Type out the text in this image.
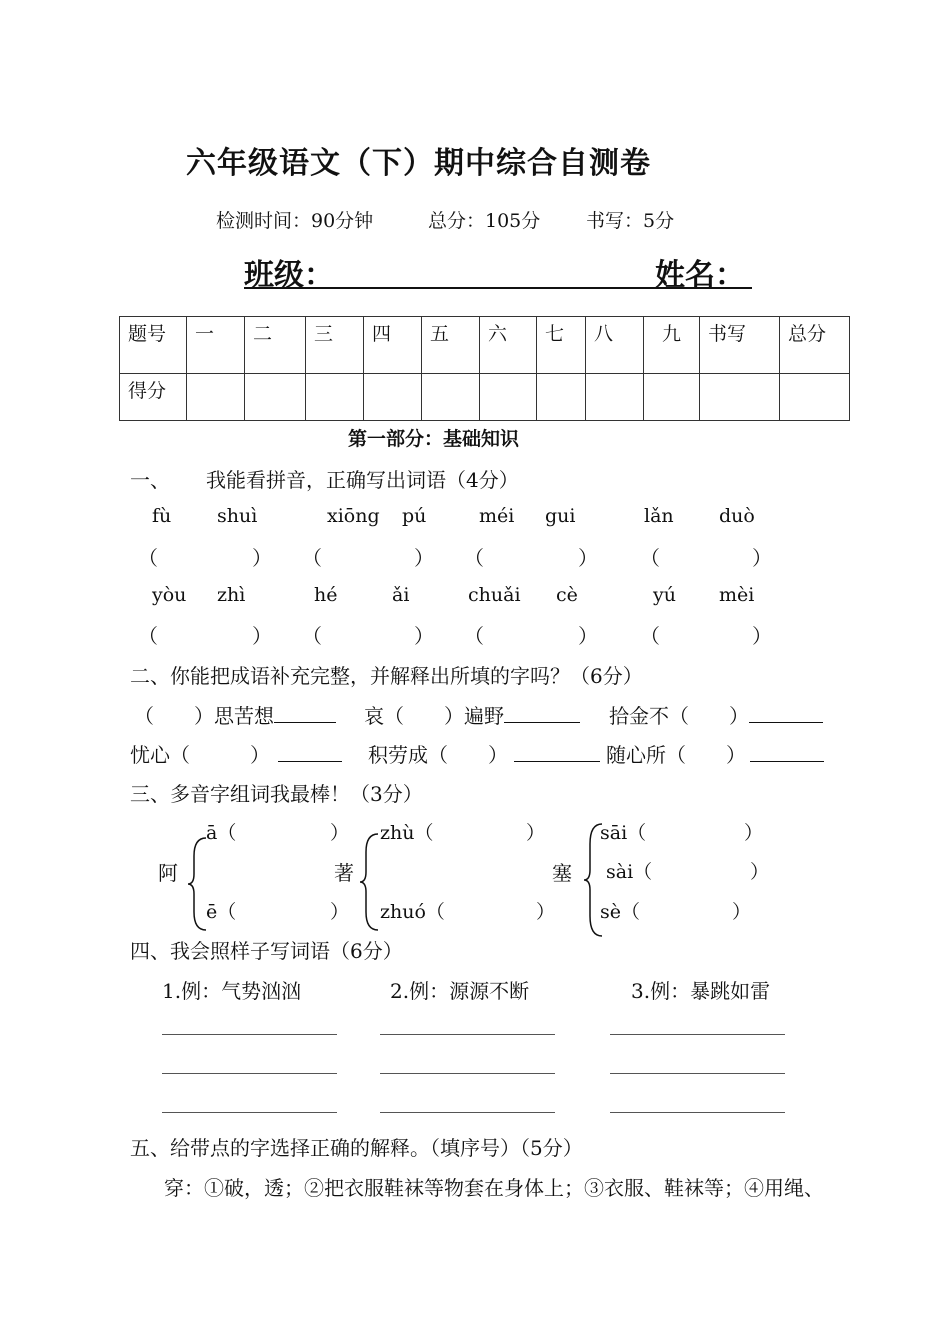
六年级语文（下）期中综合自测卷
检测时间：90分钟	总分：105分 书写：5分
班级：	姓名：
题号	一	二	三	四	五	六	七	八	九	书写	总分
得分											
第一部分：基础知识
一、 我能看拼音，正确写出词语（4分）
fù shuì	xiōng pú	méi gui	lǎn duò
（	） （	） （	） （	）
yòu zhì	hé	ǎi	chuǎi cè	yú mèi
（	） （	） （	） （	）
二、你能把成语补充完整，并解释出所填的字吗？（6分）
（　　）思苦想	哀（　　）遍野	拾金不（　　）
忧心（　　　）	积劳成（　　）	随心所（　　）
三、多音字组词我最棒！（3分）
阿
ā（	）
ē（	）
著
zhù（	）
zhuó（	）
塞
sāi（	）
sài（	）
sè（	）
四、我会照样子写词语（6分）
1.例：气势汹汹	2.例：源源不断	3.例：暴跳如雷
五、给带点的字选择正确的解释。（填序号）（5分）
穿：①破，透；②把衣服鞋袜等物套在身体上；③衣服、鞋袜等；④用绳、
